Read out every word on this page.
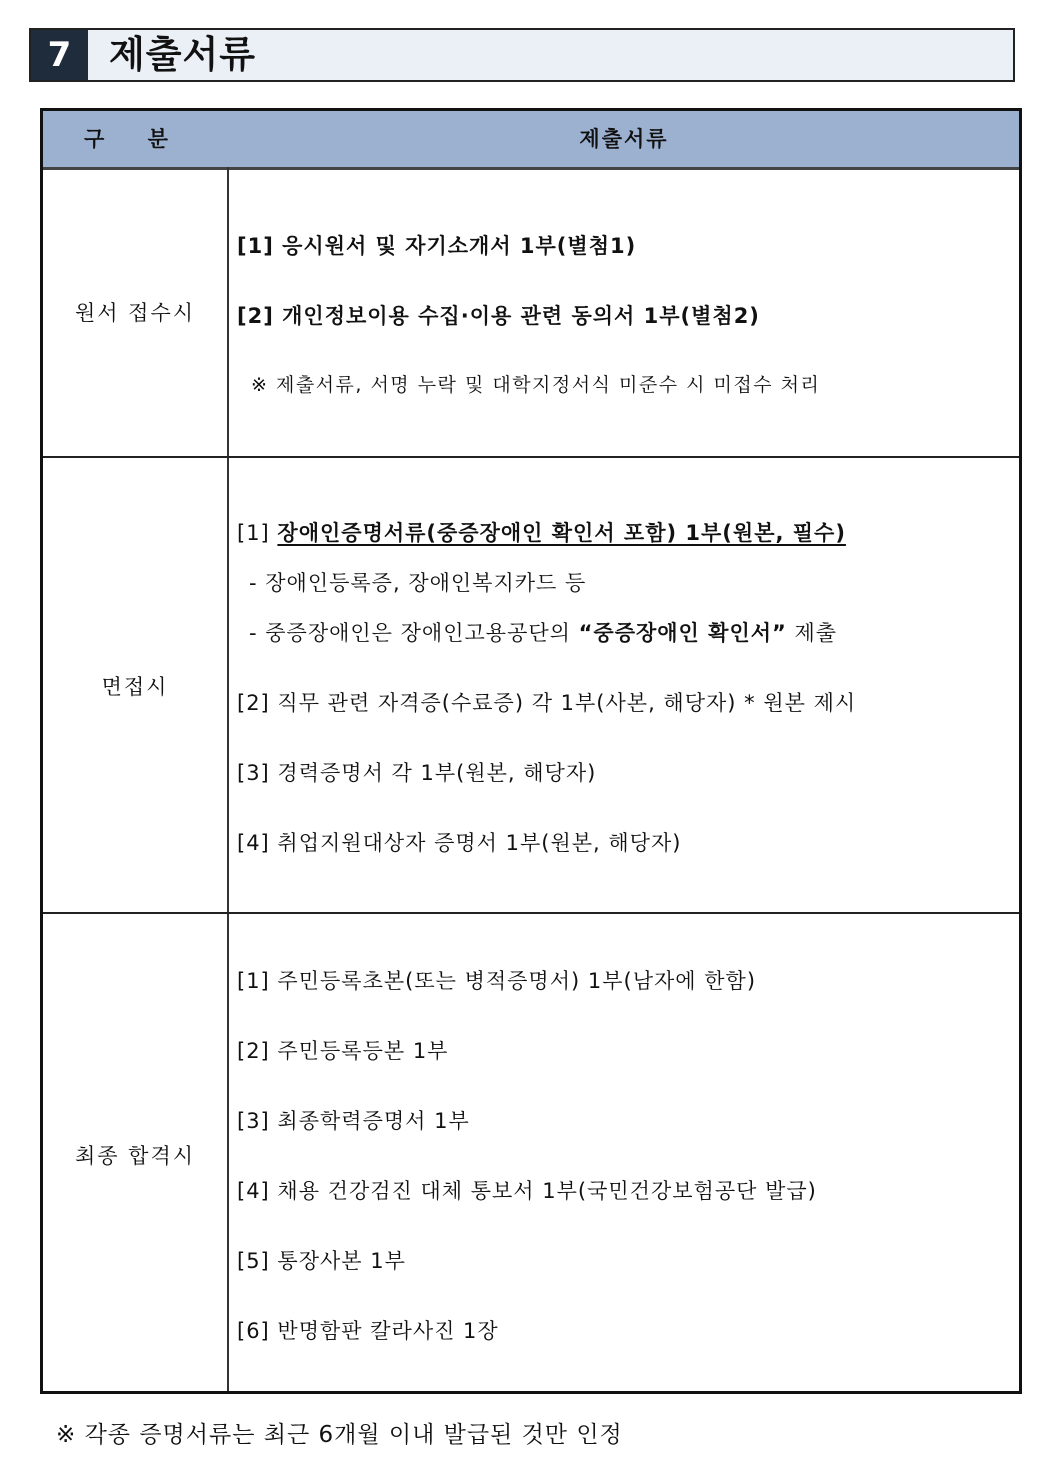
7	제출서류
구 분	제출서류
원서 접수시
[1] 응시원서 및 자기소개서 1부(별첨1)
[2] 개인정보이용 수집·이용 관련 동의서 1부(별첨2)
※ 제출서류, 서명 누락 및 대학지정서식 미준수 시 미접수 처리
면접시
[1] 장애인증명서류(중증장애인 확인서 포함) 1부(원본, 필수)
- 장애인등록증, 장애인복지카드 등
- 중증장애인은 장애인고용공단의 “중증장애인 확인서” 제출
[2] 직무 관련 자격증(수료증) 각 1부(사본, 해당자) * 원본 제시
[3] 경력증명서 각 1부(원본, 해당자)
[4] 취업지원대상자 증명서 1부(원본, 해당자)
최종 합격시
[1] 주민등록초본(또는 병적증명서) 1부(남자에 한함)
[2] 주민등록등본 1부
[3] 최종학력증명서 1부
[4] 채용 건강검진 대체 통보서 1부(국민건강보험공단 발급)
[5] 통장사본 1부
[6] 반명함판 칼라사진 1장
※ 각종 증명서류는 최근 6개월 이내 발급된 것만 인정
